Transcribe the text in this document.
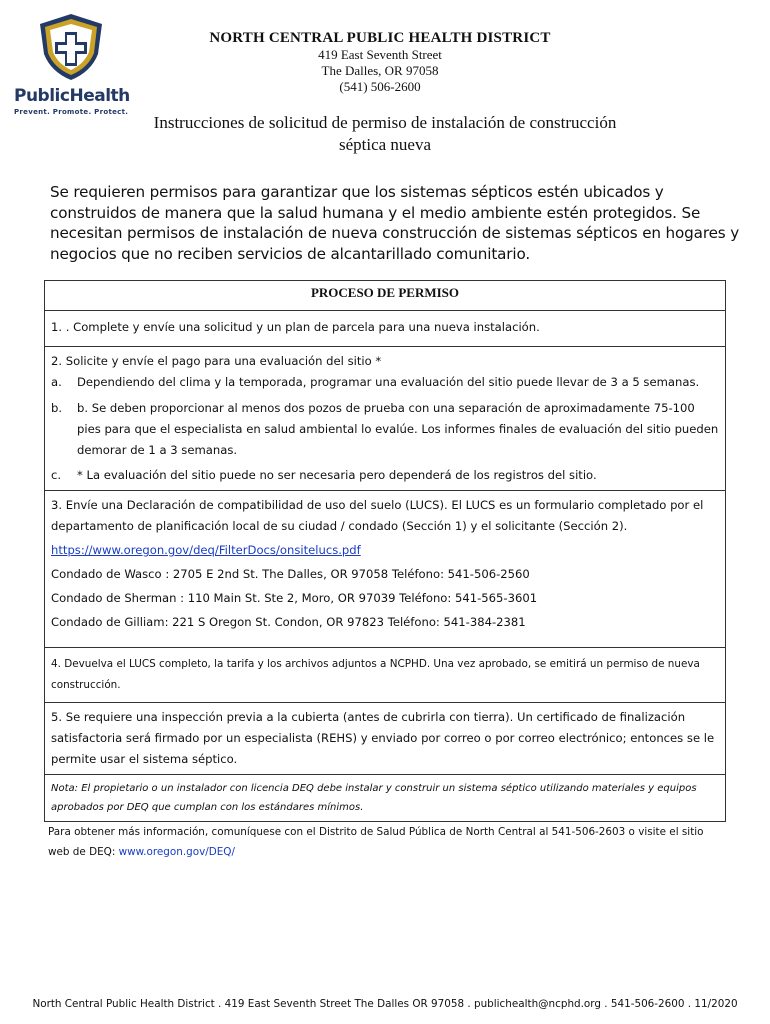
PublicHealth
Prevent. Promote. Protect.
NORTH CENTRAL PUBLIC HEALTH DISTRICT
419 East Seventh Street
The Dalles, OR 97058
(541) 506-2600
Instrucciones de solicitud de permiso de instalación de construcción
séptica nueva
Se requieren permisos para garantizar que los sistemas sépticos estén ubicados y construidos de manera que la salud humana y el medio ambiente estén protegidos. Se necesitan permisos de instalación de nueva construcción de sistemas sépticos en hogares y negocios que no reciben servicios de alcantarillado comunitario.
PROCESO DE PERMISO
1. . Complete y envíe una solicitud y un plan de parcela para una nueva instalación.
2. Solicite y envíe el pago para una evaluación del sitio *
a.	Dependiendo del clima y la temporada, programar una evaluación del sitio puede llevar de 3 a 5 semanas.
b.	b. Se deben proporcionar al menos dos pozos de prueba con una separación de aproximadamente 75-100 pies para que el especialista en salud ambiental lo evalúe. Los informes finales de evaluación del sitio pueden demorar de 1 a 3 semanas.
c.	* La evaluación del sitio puede no ser necesaria pero dependerá de los registros del sitio.
3. Envíe una Declaración de compatibilidad de uso del suelo (LUCS). El LUCS es un formulario completado por el departamento de planificación local de su ciudad / condado (Sección 1) y el solicitante (Sección 2).
https://www.oregon.gov/deq/FilterDocs/onsitelucs.pdf
Condado de Wasco : 2705 E 2nd St. The Dalles, OR 97058 Teléfono: 541-506-2560
Condado de Sherman : 110 Main St. Ste 2, Moro, OR 97039 Teléfono: 541-565-3601
Condado de Gilliam: 221 S Oregon St. Condon, OR 97823 Teléfono: 541-384-2381
4. Devuelva el LUCS completo, la tarifa y los archivos adjuntos a NCPHD. Una vez aprobado, se emitirá un permiso de nueva construcción.
5. Se requiere una inspección previa a la cubierta (antes de cubrirla con tierra). Un certificado de finalización satisfactoria será firmado por un especialista (REHS) y enviado por correo o por correo electrónico; entonces se le permite usar el sistema séptico.
Nota: El propietario o un instalador con licencia DEQ debe instalar y construir un sistema séptico utilizando materiales y equipos aprobados por DEQ que cumplan con los estándares mínimos.
Para obtener más información, comuníquese con el Distrito de Salud Pública de North Central al 541-506-2603 o visite el sitio web de DEQ: www.oregon.gov/DEQ/
North Central Public Health District . 419 East Seventh Street The Dalles OR 97058 . publichealth@ncphd.org . 541-506-2600 . 11/2020
